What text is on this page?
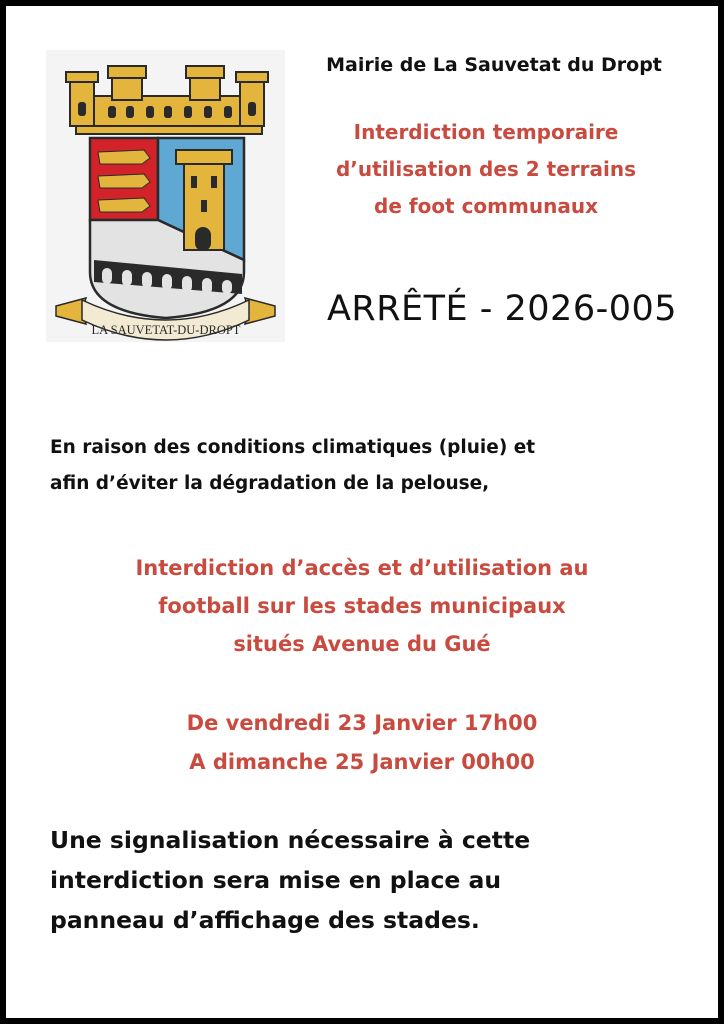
LA SAUVETAT-DU-DROPT
Mairie de La Sauvetat du Dropt
Interdiction temporaire
d’utilisation des 2 terrains
de foot communaux
ARRÊTÉ - 2026-005
En raison des conditions climatiques (pluie) et
afin d’éviter la dégradation de la pelouse,
Interdiction d’accès et d’utilisation au
football sur les stades municipaux
situés Avenue du Gué
De vendredi 23 Janvier 17h00
A dimanche 25 Janvier 00h00
Une signalisation nécessaire à cette
interdiction sera mise en place au
panneau d’affichage des stades.
